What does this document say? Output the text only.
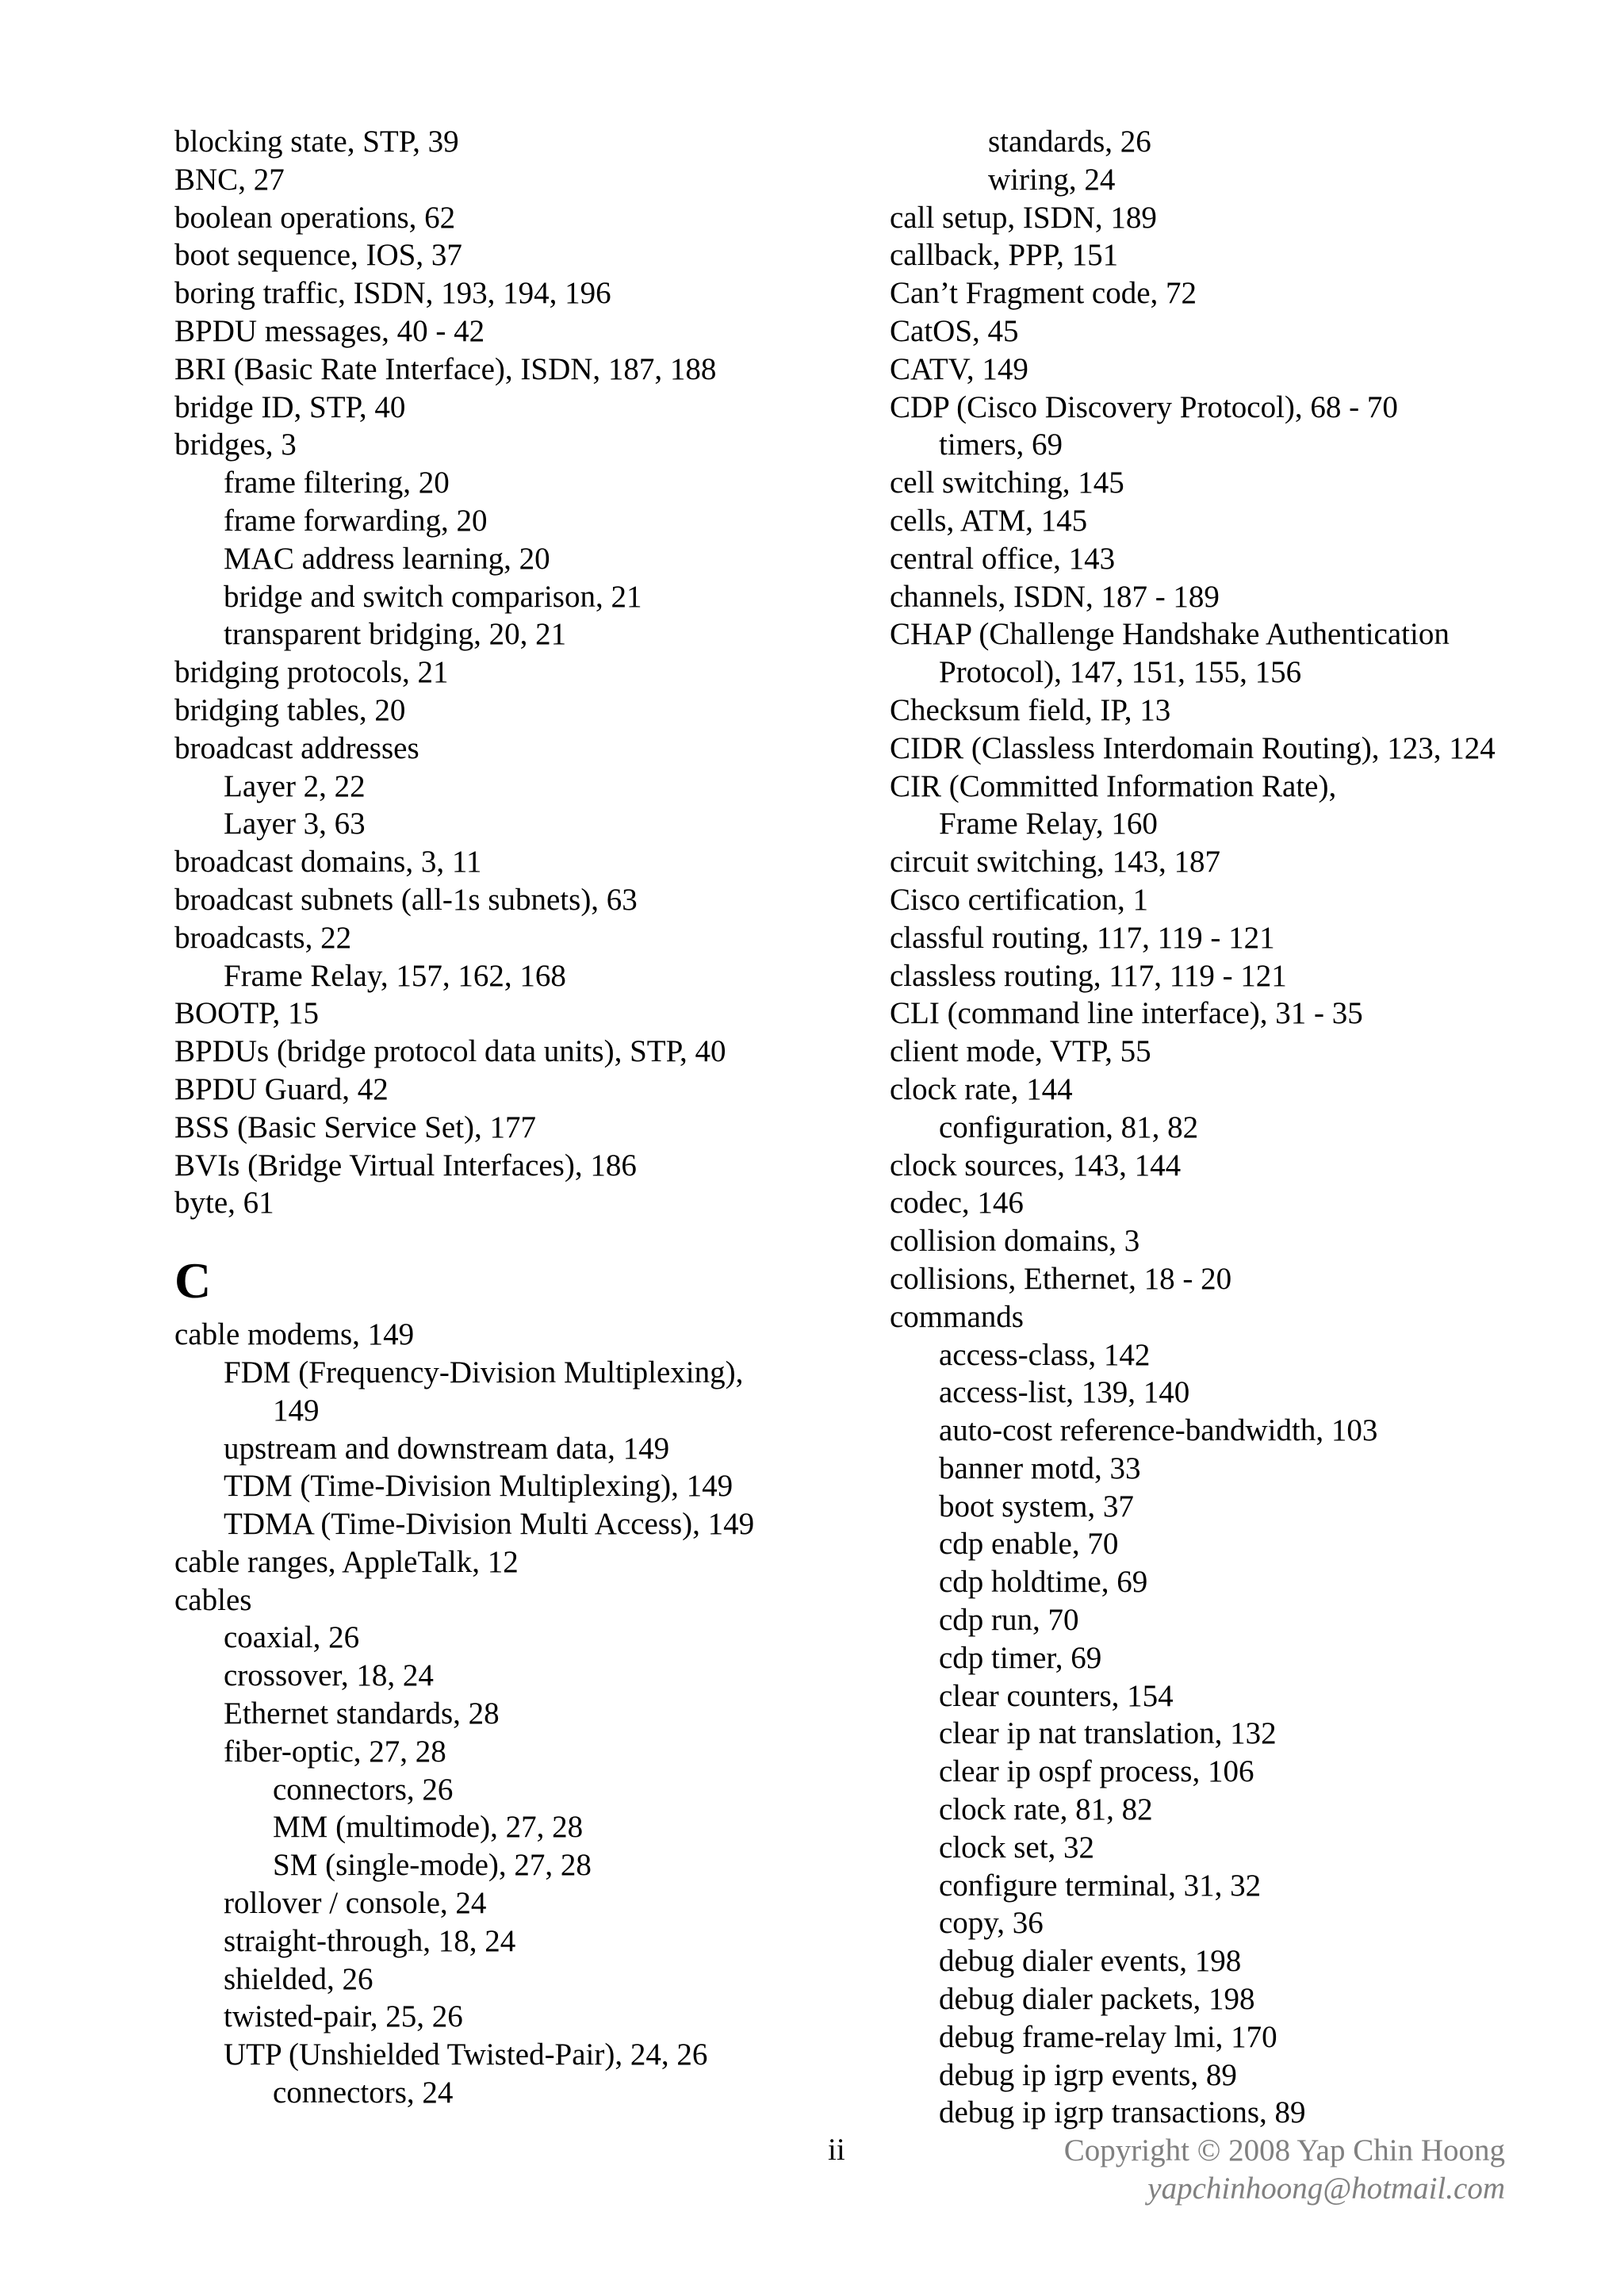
blocking state, STP, 39
BNC, 27
boolean operations, 62
boot sequence, IOS, 37
boring traffic, ISDN, 193, 194, 196
BPDU messages, 40 - 42
BRI (Basic Rate Interface), ISDN, 187, 188
bridge ID, STP, 40
bridges, 3
frame filtering, 20
frame forwarding, 20
MAC address learning, 20
bridge and switch comparison, 21
transparent bridging, 20, 21
bridging protocols, 21
bridging tables, 20
broadcast addresses
Layer 2, 22
Layer 3, 63
broadcast domains, 3, 11
broadcast subnets (all-1s subnets), 63
broadcasts, 22
Frame Relay, 157, 162, 168
BOOTP, 15
BPDUs (bridge protocol data units), STP, 40
BPDU Guard, 42
BSS (Basic Service Set), 177
BVIs (Bridge Virtual Interfaces), 186
byte, 61
C
cable modems, 149
FDM (Frequency-Division Multiplexing),
149
upstream and downstream data, 149
TDM (Time-Division Multiplexing), 149
TDMA (Time-Division Multi Access), 149
cable ranges, AppleTalk, 12
cables
coaxial, 26
crossover, 18, 24
Ethernet standards, 28
fiber-optic, 27, 28
connectors, 26
MM (multimode), 27, 28
SM (single-mode), 27, 28
rollover / console, 24
straight-through, 18, 24
shielded, 26
twisted-pair, 25, 26
UTP (Unshielded Twisted-Pair), 24, 26
connectors, 24
standards, 26
wiring, 24
call setup, ISDN, 189
callback, PPP, 151
Can’t Fragment code, 72
CatOS, 45
CATV, 149
CDP (Cisco Discovery Protocol), 68 - 70
timers, 69
cell switching, 145
cells, ATM, 145
central office, 143
channels, ISDN, 187 - 189
CHAP (Challenge Handshake Authentication
Protocol), 147, 151, 155, 156
Checksum field, IP, 13
CIDR (Classless Interdomain Routing), 123, 124
CIR (Committed Information Rate),
Frame Relay, 160
circuit switching, 143, 187
Cisco certification, 1
classful routing, 117, 119 - 121
classless routing, 117, 119 - 121
CLI (command line interface), 31 - 35
client mode, VTP, 55
clock rate, 144
configuration, 81, 82
clock sources, 143, 144
codec, 146
collision domains, 3
collisions, Ethernet, 18 - 20
commands
access-class, 142
access-list, 139, 140
auto-cost reference-bandwidth, 103
banner motd, 33
boot system, 37
cdp enable, 70
cdp holdtime, 69
cdp run, 70
cdp timer, 69
clear counters, 154
clear ip nat translation, 132
clear ip ospf process, 106
clock rate, 81, 82
clock set, 32
configure terminal, 31, 32
copy, 36
debug dialer events, 198
debug dialer packets, 198
debug frame-relay lmi, 170
debug ip igrp events, 89
debug ip igrp transactions, 89
ii	Copyright © 2008 Yap Chin Hoong
yapchinhoong@hotmail.com
